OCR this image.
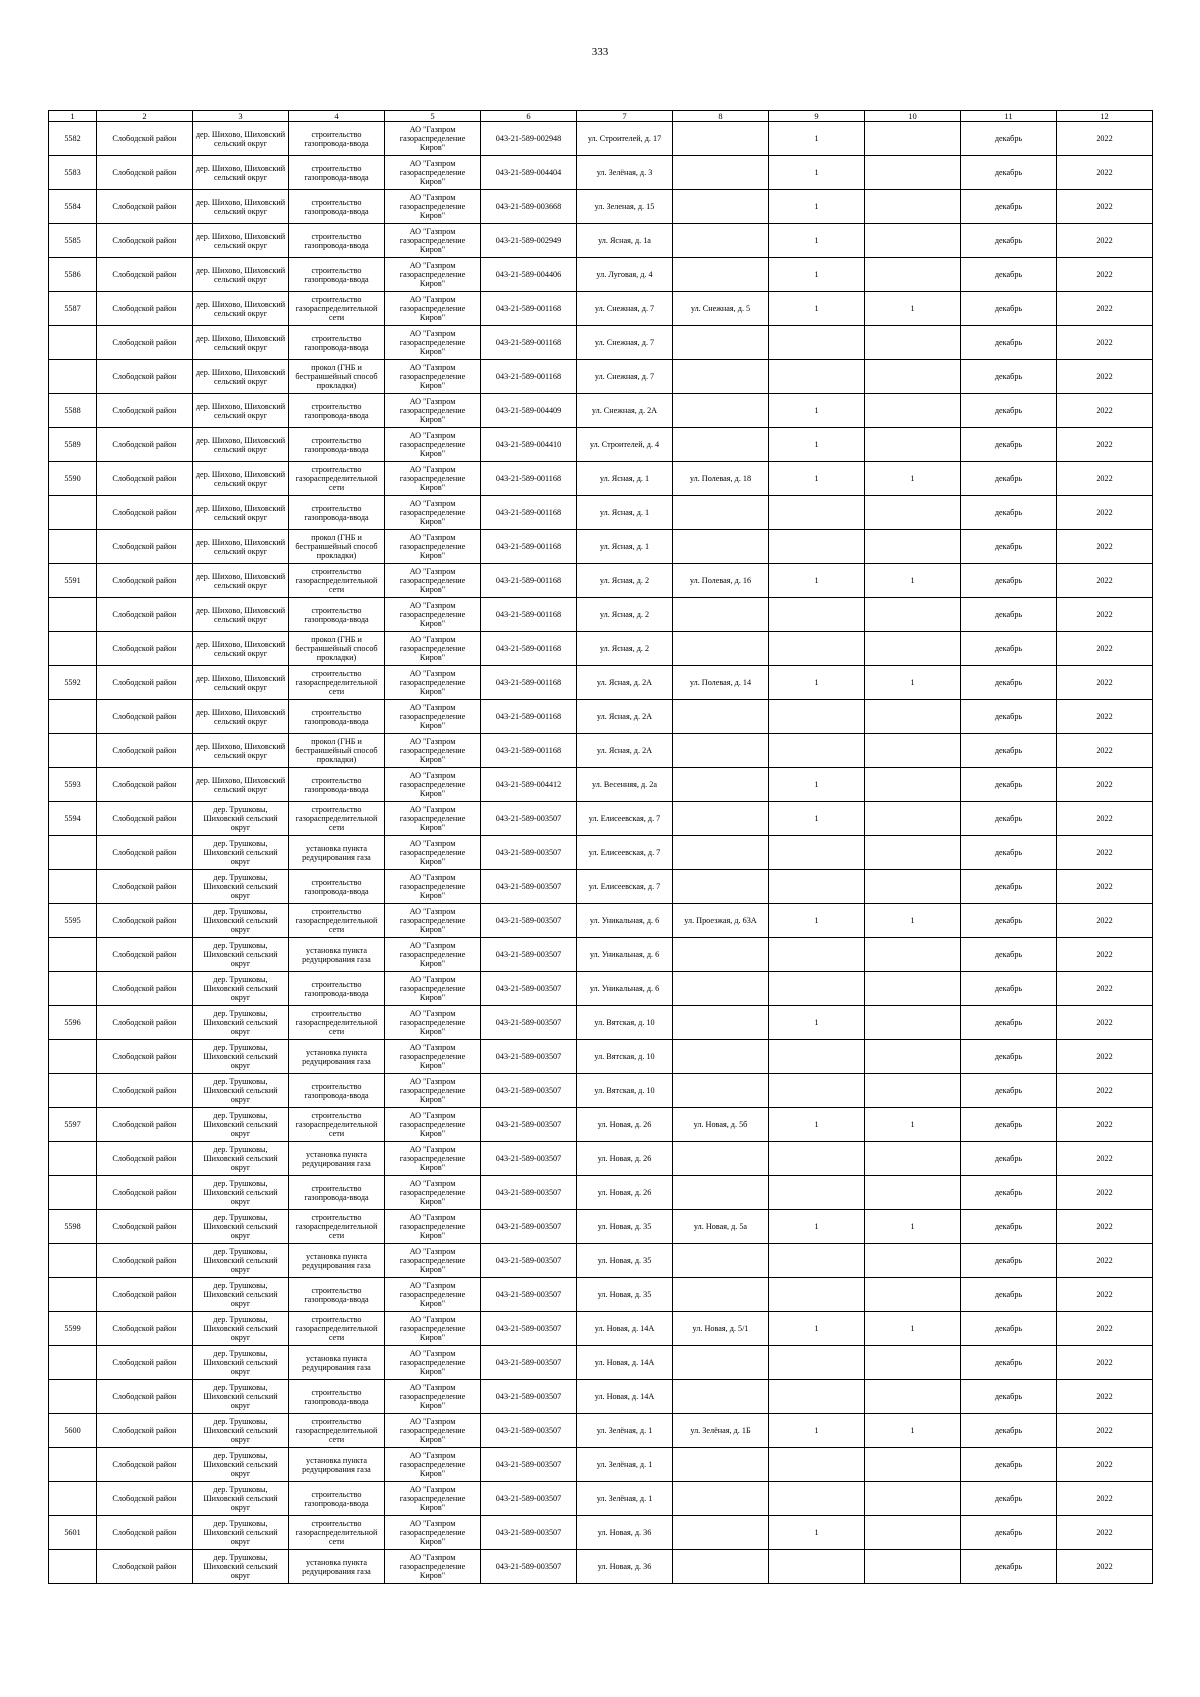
333
1	2	3	4	5	6	7	8	9	10	11	12

5582	Слободской район	дер. Шихово, Шиховский сельский округ	строительство газопровода-ввода	АО "Газпром газораспределение Киров"	043-21-589-002948	ул. Строителей, д. 17		1		декабрь	2022

5583	Слободской район	дер. Шихово, Шиховский сельский округ	строительство газопровода-ввода	АО "Газпром газораспределение Киров"	043-21-589-004404	ул. Зелёная, д. 3		1		декабрь	2022

5584	Слободской район	дер. Шихово, Шиховский сельский округ	строительство газопровода-ввода	АО "Газпром газораспределение Киров"	043-21-589-003668	ул. Зеленая, д. 15		1		декабрь	2022

5585	Слободской район	дер. Шихово, Шиховский сельский округ	строительство газопровода-ввода	АО "Газпром газораспределение Киров"	043-21-589-002949	ул. Ясная, д. 1а		1		декабрь	2022

5586	Слободской район	дер. Шихово, Шиховский сельский округ	строительство газопровода-ввода	АО "Газпром газораспределение Киров"	043-21-589-004406	ул. Луговая, д. 4		1		декабрь	2022

5587	Слободской район	дер. Шихово, Шиховский сельский округ	строительство газораспределительной сети	АО "Газпром газораспределение Киров"	043-21-589-001168	ул. Снежная, д. 7	ул. Снежная, д. 5	1	1	декабрь	2022

	Слободской район	дер. Шихово, Шиховский сельский округ	строительство газопровода-ввода	АО "Газпром газораспределение Киров"	043-21-589-001168	ул. Снежная, д. 7				декабрь	2022

	Слободской район	дер. Шихово, Шиховский сельский округ	прокол (ГНБ и бестраншейный способ прокладки)	АО "Газпром газораспределение Киров"	043-21-589-001168	ул. Снежная, д. 7				декабрь	2022

5588	Слободской район	дер. Шихово, Шиховский сельский округ	строительство газопровода-ввода	АО "Газпром газораспределение Киров"	043-21-589-004409	ул. Снежная, д. 2А		1		декабрь	2022

5589	Слободской район	дер. Шихово, Шиховский сельский округ	строительство газопровода-ввода	АО "Газпром газораспределение Киров"	043-21-589-004410	ул. Строителей, д. 4		1		декабрь	2022

5590	Слободской район	дер. Шихово, Шиховский сельский округ	строительство газораспределительной сети	АО "Газпром газораспределение Киров"	043-21-589-001168	ул. Ясная, д. 1	ул. Полевая, д. 18	1	1	декабрь	2022

	Слободской район	дер. Шихово, Шиховский сельский округ	строительство газопровода-ввода	АО "Газпром газораспределение Киров"	043-21-589-001168	ул. Ясная, д. 1				декабрь	2022

	Слободской район	дер. Шихово, Шиховский сельский округ	прокол (ГНБ и бестраншейный способ прокладки)	АО "Газпром газораспределение Киров"	043-21-589-001168	ул. Ясная, д. 1				декабрь	2022

5591	Слободской район	дер. Шихово, Шиховский сельский округ	строительство газораспределительной сети	АО "Газпром газораспределение Киров"	043-21-589-001168	ул. Ясная, д. 2	ул. Полевая, д. 16	1	1	декабрь	2022

	Слободской район	дер. Шихово, Шиховский сельский округ	строительство газопровода-ввода	АО "Газпром газораспределение Киров"	043-21-589-001168	ул. Ясная, д. 2				декабрь	2022

	Слободской район	дер. Шихово, Шиховский сельский округ	прокол (ГНБ и бестраншейный способ прокладки)	АО "Газпром газораспределение Киров"	043-21-589-001168	ул. Ясная, д. 2				декабрь	2022

5592	Слободской район	дер. Шихово, Шиховский сельский округ	строительство газораспределительной сети	АО "Газпром газораспределение Киров"	043-21-589-001168	ул. Ясная, д. 2А	ул. Полевая, д. 14	1	1	декабрь	2022

	Слободской район	дер. Шихово, Шиховский сельский округ	строительство газопровода-ввода	АО "Газпром газораспределение Киров"	043-21-589-001168	ул. Ясная, д. 2А				декабрь	2022

	Слободской район	дер. Шихово, Шиховский сельский округ	прокол (ГНБ и бестраншейный способ прокладки)	АО "Газпром газораспределение Киров"	043-21-589-001168	ул. Ясная, д. 2А				декабрь	2022

5593	Слободской район	дер. Шихово, Шиховский сельский округ	строительство газопровода-ввода	АО "Газпром газораспределение Киров"	043-21-589-004412	ул. Весенняя, д. 2а		1		декабрь	2022

5594	Слободской район	дер. Трушковы, Шиховский сельский округ	строительство газораспределительной сети	АО "Газпром газораспределение Киров"	043-21-589-003507	ул. Елисеевская, д. 7		1		декабрь	2022

	Слободской район	дер. Трушковы, Шиховский сельский округ	установка пункта редуцирования газа	АО "Газпром газораспределение Киров"	043-21-589-003507	ул. Елисеевская, д. 7				декабрь	2022

	Слободской район	дер. Трушковы, Шиховский сельский округ	строительство газопровода-ввода	АО "Газпром газораспределение Киров"	043-21-589-003507	ул. Елисеевская, д. 7				декабрь	2022

5595	Слободской район	дер. Трушковы, Шиховский сельский округ	строительство газораспределительной сети	АО "Газпром газораспределение Киров"	043-21-589-003507	ул. Уникальная, д. 6	ул. Проезжая, д. 63А	1	1	декабрь	2022

	Слободской район	дер. Трушковы, Шиховский сельский округ	установка пункта редуцирования газа	АО "Газпром газораспределение Киров"	043-21-589-003507	ул. Уникальная, д. 6				декабрь	2022

	Слободской район	дер. Трушковы, Шиховский сельский округ	строительство газопровода-ввода	АО "Газпром газораспределение Киров"	043-21-589-003507	ул. Уникальная, д. 6				декабрь	2022

5596	Слободской район	дер. Трушковы, Шиховский сельский округ	строительство газораспределительной сети	АО "Газпром газораспределение Киров"	043-21-589-003507	ул. Вятская, д. 10		1		декабрь	2022

	Слободской район	дер. Трушковы, Шиховский сельский округ	установка пункта редуцирования газа	АО "Газпром газораспределение Киров"	043-21-589-003507	ул. Вятская, д. 10				декабрь	2022

	Слободской район	дер. Трушковы, Шиховский сельский округ	строительство газопровода-ввода	АО "Газпром газораспределение Киров"	043-21-589-003507	ул. Вятская, д. 10				декабрь	2022

5597	Слободской район	дер. Трушковы, Шиховский сельский округ	строительство газораспределительной сети	АО "Газпром газораспределение Киров"	043-21-589-003507	ул. Новая, д. 26	ул. Новая, д. 5б	1	1	декабрь	2022

	Слободской район	дер. Трушковы, Шиховский сельский округ	установка пункта редуцирования газа	АО "Газпром газораспределение Киров"	043-21-589-003507	ул. Новая, д. 26				декабрь	2022

	Слободской район	дер. Трушковы, Шиховский сельский округ	строительство газопровода-ввода	АО "Газпром газораспределение Киров"	043-21-589-003507	ул. Новая, д. 26				декабрь	2022

5598	Слободской район	дер. Трушковы, Шиховский сельский округ	строительство газораспределительной сети	АО "Газпром газораспределение Киров"	043-21-589-003507	ул. Новая, д. 35	ул. Новая, д. 5а	1	1	декабрь	2022

	Слободской район	дер. Трушковы, Шиховский сельский округ	установка пункта редуцирования газа	АО "Газпром газораспределение Киров"	043-21-589-003507	ул. Новая, д. 35				декабрь	2022

	Слободской район	дер. Трушковы, Шиховский сельский округ	строительство газопровода-ввода	АО "Газпром газораспределение Киров"	043-21-589-003507	ул. Новая, д. 35				декабрь	2022

5599	Слободской район	дер. Трушковы, Шиховский сельский округ	строительство газораспределительной сети	АО "Газпром газораспределение Киров"	043-21-589-003507	ул. Новая, д. 14А	ул. Новая, д. 5/1	1	1	декабрь	2022

	Слободской район	дер. Трушковы, Шиховский сельский округ	установка пункта редуцирования газа	АО "Газпром газораспределение Киров"	043-21-589-003507	ул. Новая, д. 14А				декабрь	2022

	Слободской район	дер. Трушковы, Шиховский сельский округ	строительство газопровода-ввода	АО "Газпром газораспределение Киров"	043-21-589-003507	ул. Новая, д. 14А				декабрь	2022

5600	Слободской район	дер. Трушковы, Шиховский сельский округ	строительство газораспределительной сети	АО "Газпром газораспределение Киров"	043-21-589-003507	ул. Зелёная, д. 1	ул. Зелёная, д. 1Б	1	1	декабрь	2022

	Слободской район	дер. Трушковы, Шиховский сельский округ	установка пункта редуцирования газа	АО "Газпром газораспределение Киров"	043-21-589-003507	ул. Зелёная, д. 1				декабрь	2022

	Слободской район	дер. Трушковы, Шиховский сельский округ	строительство газопровода-ввода	АО "Газпром газораспределение Киров"	043-21-589-003507	ул. Зелёная, д. 1				декабрь	2022

5601	Слободской район	дер. Трушковы, Шиховский сельский округ	строительство газораспределительной сети	АО "Газпром газораспределение Киров"	043-21-589-003507	ул. Новая, д. 36		1		декабрь	2022

	Слободской район	дер. Трушковы, Шиховский сельский округ	установка пункта редуцирования газа	АО "Газпром газораспределение Киров"	043-21-589-003507	ул. Новая, д. 36				декабрь	2022
